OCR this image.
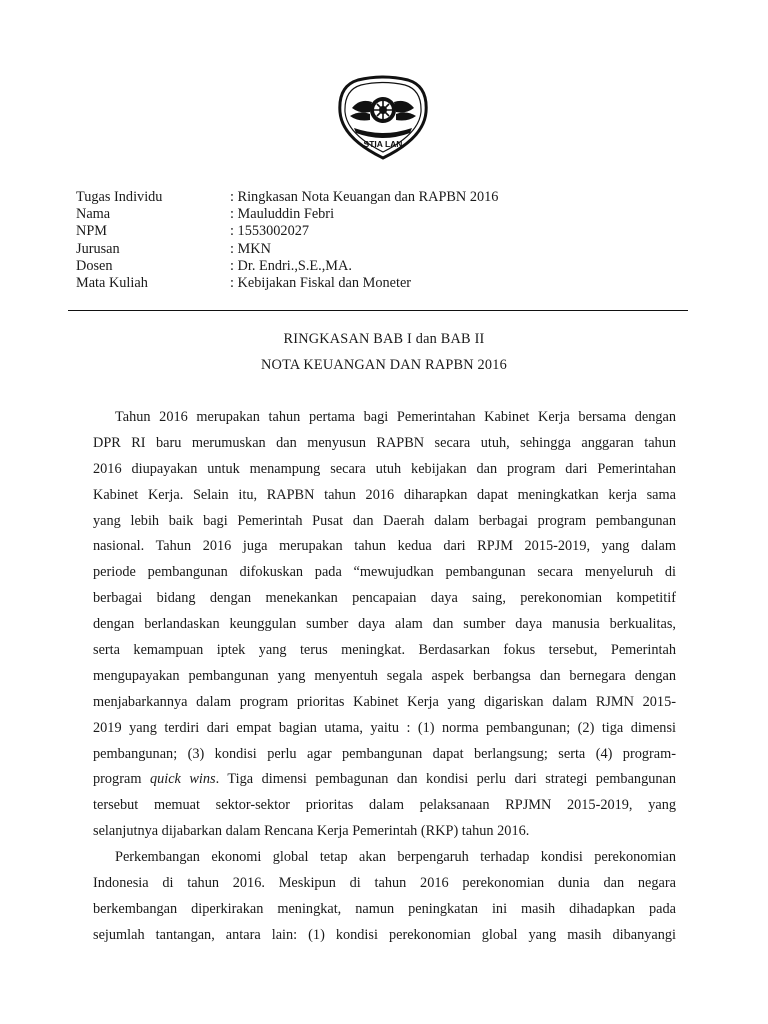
STIA LAN
Tugas Individu	: Ringkasan Nota Keuangan dan RAPBN 2016
Nama	: Mauluddin Febri
NPM	: 1553002027
Jurusan	: MKN
Dosen	: Dr. Endri.,S.E.,MA.
Mata Kuliah	: Kebijakan Fiskal dan Moneter
RINGKASAN BAB I dan BAB II
NOTA KEUANGAN DAN RAPBN 2016
Tahun 2016 merupakan tahun pertama bagi Pemerintahan Kabinet Kerja bersama dengan
DPR RI baru merumuskan dan menyusun RAPBN secara utuh, sehingga anggaran tahun
2016 diupayakan untuk menampung secara utuh kebijakan dan program dari Pemerintahan
Kabinet Kerja. Selain itu, RAPBN tahun 2016 diharapkan dapat meningkatkan kerja sama
yang lebih baik bagi Pemerintah Pusat dan Daerah dalam berbagai program pembangunan
nasional. Tahun 2016 juga merupakan tahun kedua dari RPJM 2015-2019, yang dalam
periode pembangunan difokuskan pada “mewujudkan pembangunan secara menyeluruh di
berbagai bidang dengan menekankan pencapaian daya saing, perekonomian kompetitif
dengan berlandaskan keunggulan sumber daya alam dan sumber daya manusia berkualitas,
serta kemampuan iptek yang terus meningkat. Berdasarkan fokus tersebut, Pemerintah
mengupayakan pembangunan yang menyentuh segala aspek berbangsa dan bernegara dengan
menjabarkannya dalam program prioritas Kabinet Kerja yang digariskan dalam RJMN 2015-
2019 yang terdiri dari empat bagian utama, yaitu : (1) norma pembangunan; (2) tiga dimensi
pembangunan; (3) kondisi perlu agar pembangunan dapat berlangsung; serta (4) program-
program quick wins. Tiga dimensi pembagunan dan kondisi perlu dari strategi pembangunan
tersebut memuat sektor-sektor prioritas dalam pelaksanaan RPJMN 2015-2019, yang
selanjutnya dijabarkan dalam Rencana Kerja Pemerintah (RKP) tahun 2016.
Perkembangan ekonomi global tetap akan berpengaruh terhadap kondisi perekonomian
Indonesia di tahun 2016. Meskipun di tahun 2016 perekonomian dunia dan negara
berkembangan diperkirakan meningkat, namun peningkatan ini masih dihadapkan pada
sejumlah tantangan, antara lain: (1) kondisi perekonomian global yang masih dibanyangi
